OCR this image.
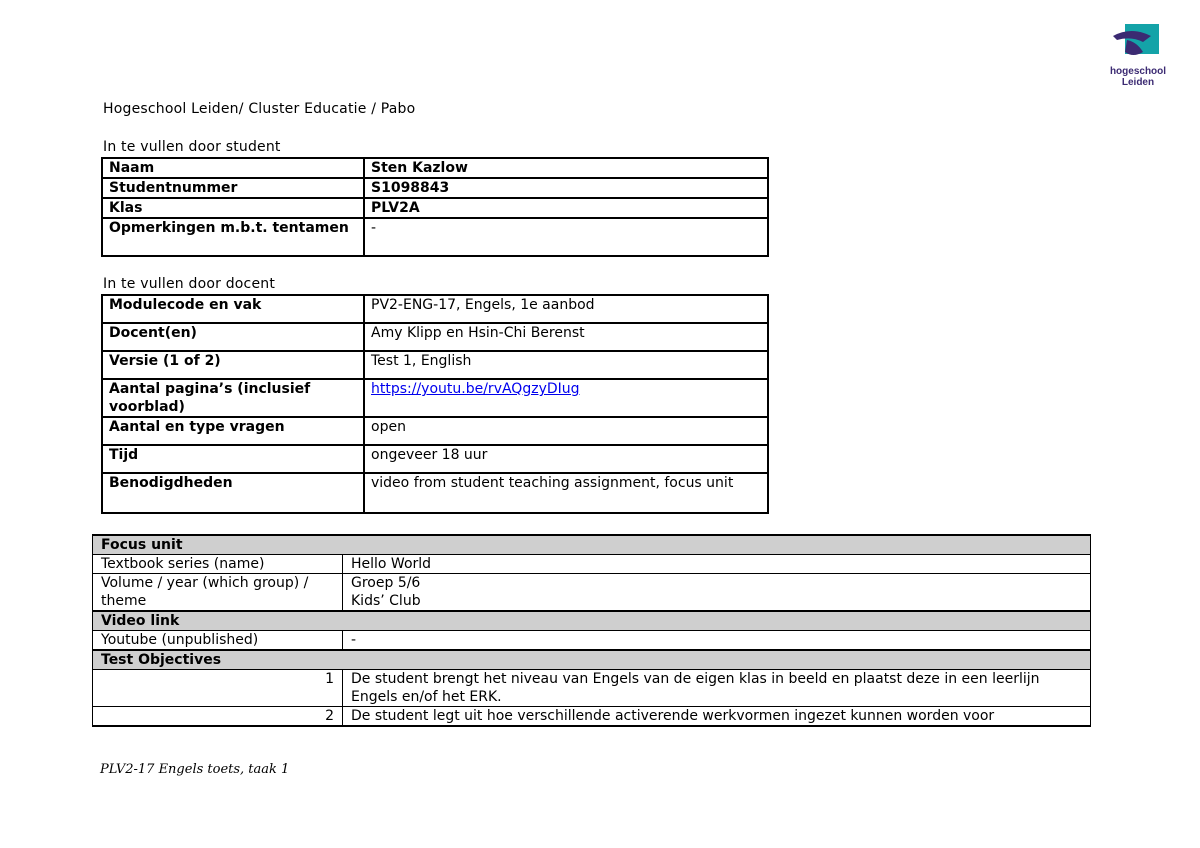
hogeschool
Leiden
Hogeschool Leiden/ Cluster Educatie / Pabo
In te vullen door student
Naam	Sten Kazlow
Studentnummer	S1098843
Klas	PLV2A
Opmerkingen m.b.t. tentamen	-
In te vullen door docent
Modulecode en vak	PV2-ENG-17, Engels, 1e aanbod
Docent(en)	Amy Klipp en Hsin-Chi Berenst
Versie (1 of 2)	Test 1, English
Aantal pagina’s (inclusief voorblad)	https://youtu.be/rvAQgzyDIug
Aantal en type vragen	open
Tijd	ongeveer 18 uur
Benodigdheden	video from student teaching assignment, focus unit
Focus unit	
Textbook series (name)	Hello World
Volume / year (which group) / theme	Groep 5/6
Kids’ Club

Video link	
Youtube (unpublished)	-
Test Objectives	
1	De student brengt het niveau van Engels van de eigen klas in beeld en plaatst deze in een leerlijn Engels en/of het ERK.
2	De student legt uit hoe verschillende activerende werkvormen ingezet kunnen worden voor
PLV2-17 Engels toets, taak 1
